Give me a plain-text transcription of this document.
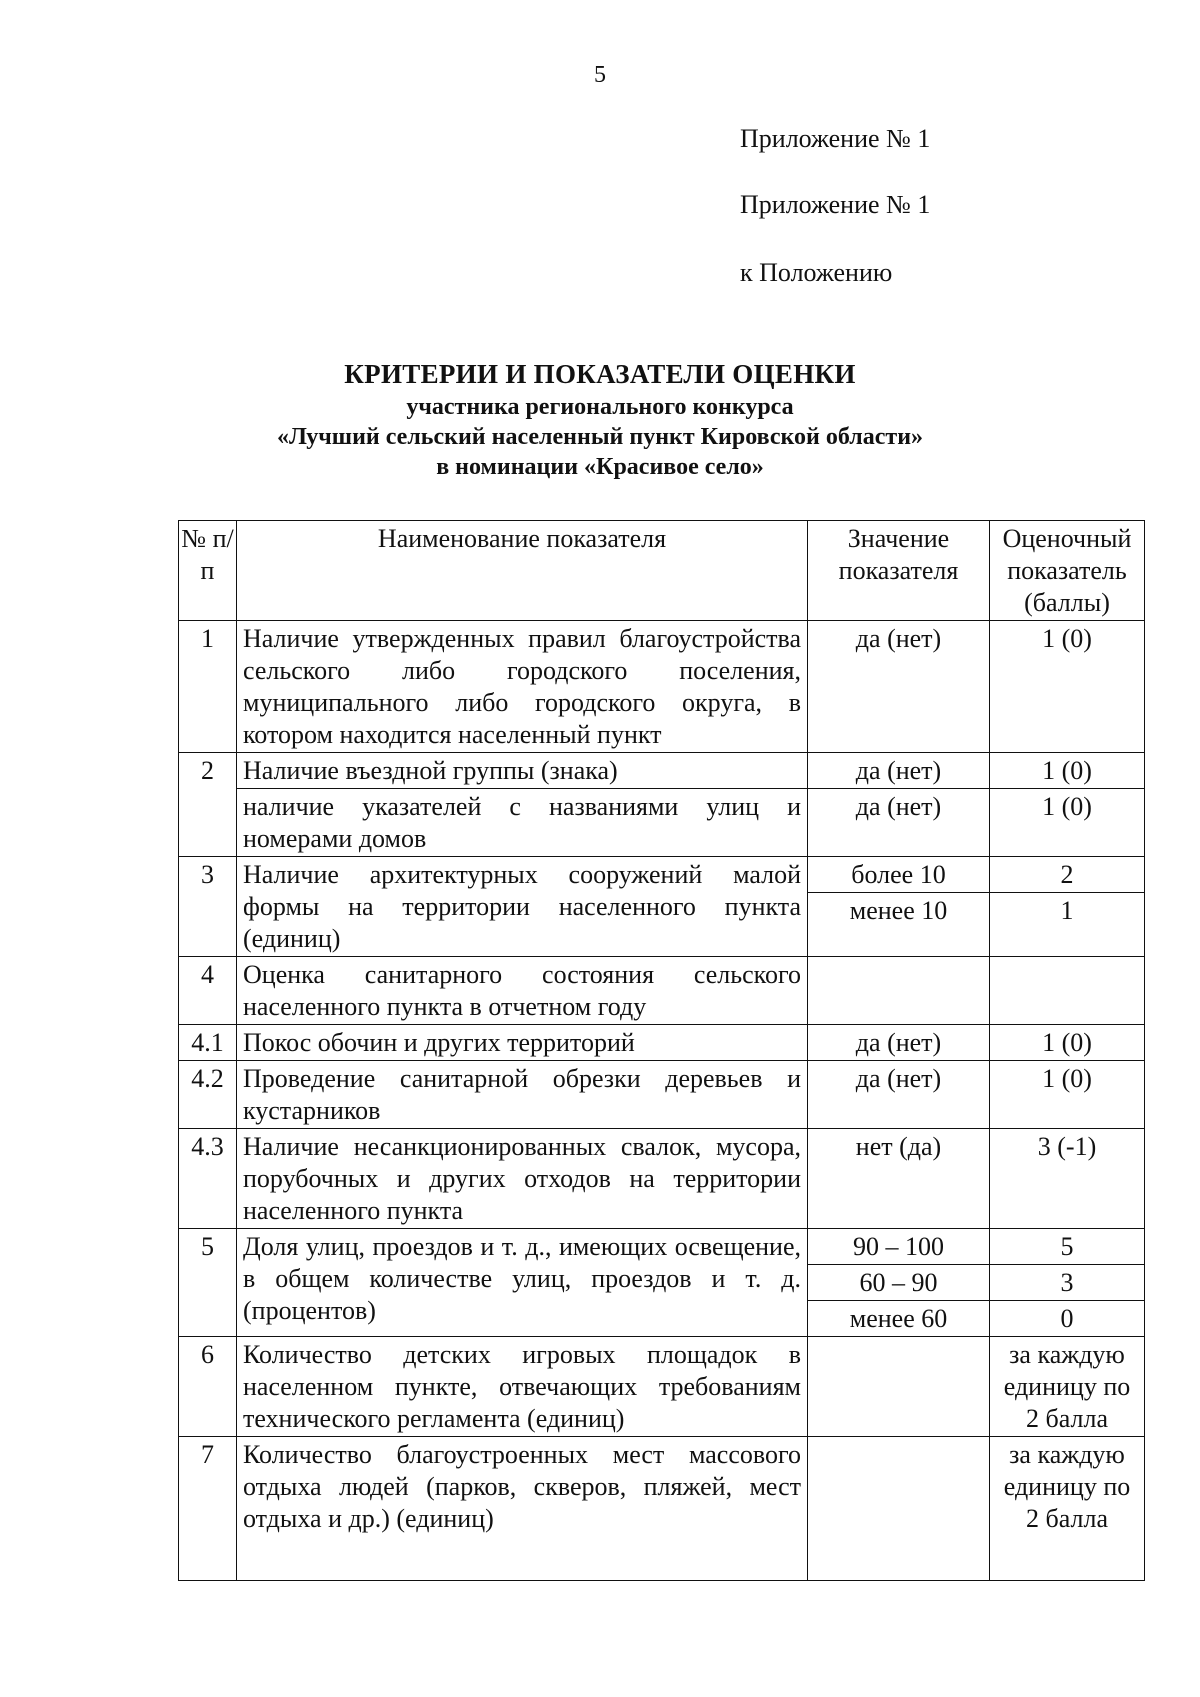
5
Приложение № 1
Приложение № 1
к Положению
КРИТЕРИИ И ПОКАЗАТЕЛИ ОЦЕНКИ
участника регионального конкурса
«Лучший сельский населенный пункт Кировской области»
в номинации «Красивое село»
№ п/п	Наименование показателя	Значение показателя	Оценочный показатель (баллы)
1	Наличие утвержденных правил благоустройства сельского либо городского поселения, муниципального либо городского округа, в котором находится населенный пункт	да (нет)	1 (0)
2	Наличие въездной группы (знака)	да (нет)	1 (0)
	наличие указателей с названиями улиц и номерами домов	да (нет)	1 (0)
3	Наличие архитектурных сооружений малой формы на территории населенного пункта (единиц)	более 10	2
		менее 10	1
4	Оценка санитарного состояния сельского населенного пункта в отчетном году		
4.1	Покос обочин и других территорий	да (нет)	1 (0)
4.2	Проведение санитарной обрезки деревьев и кустарников	да (нет)	1 (0)
4.3	Наличие несанкционированных свалок, мусора, порубочных и других отходов на территории населенного пункта	нет (да)	3 (-1)
5	Доля улиц, проездов и т. д., имеющих освещение, в общем количестве улиц, проездов и т. д. (процентов)	90 – 100	5
		60 – 90	3
		менее 60	0
6	Количество детских игровых площадок в населенном пункте, отвечающих требованиям технического регламента (единиц)		за каждую единицу по 2 балла
7	Количество благоустроенных мест массового отдыха людей (парков, скверов, пляжей, мест отдыха и др.) (единиц)		за каждую единицу по 2 балла
